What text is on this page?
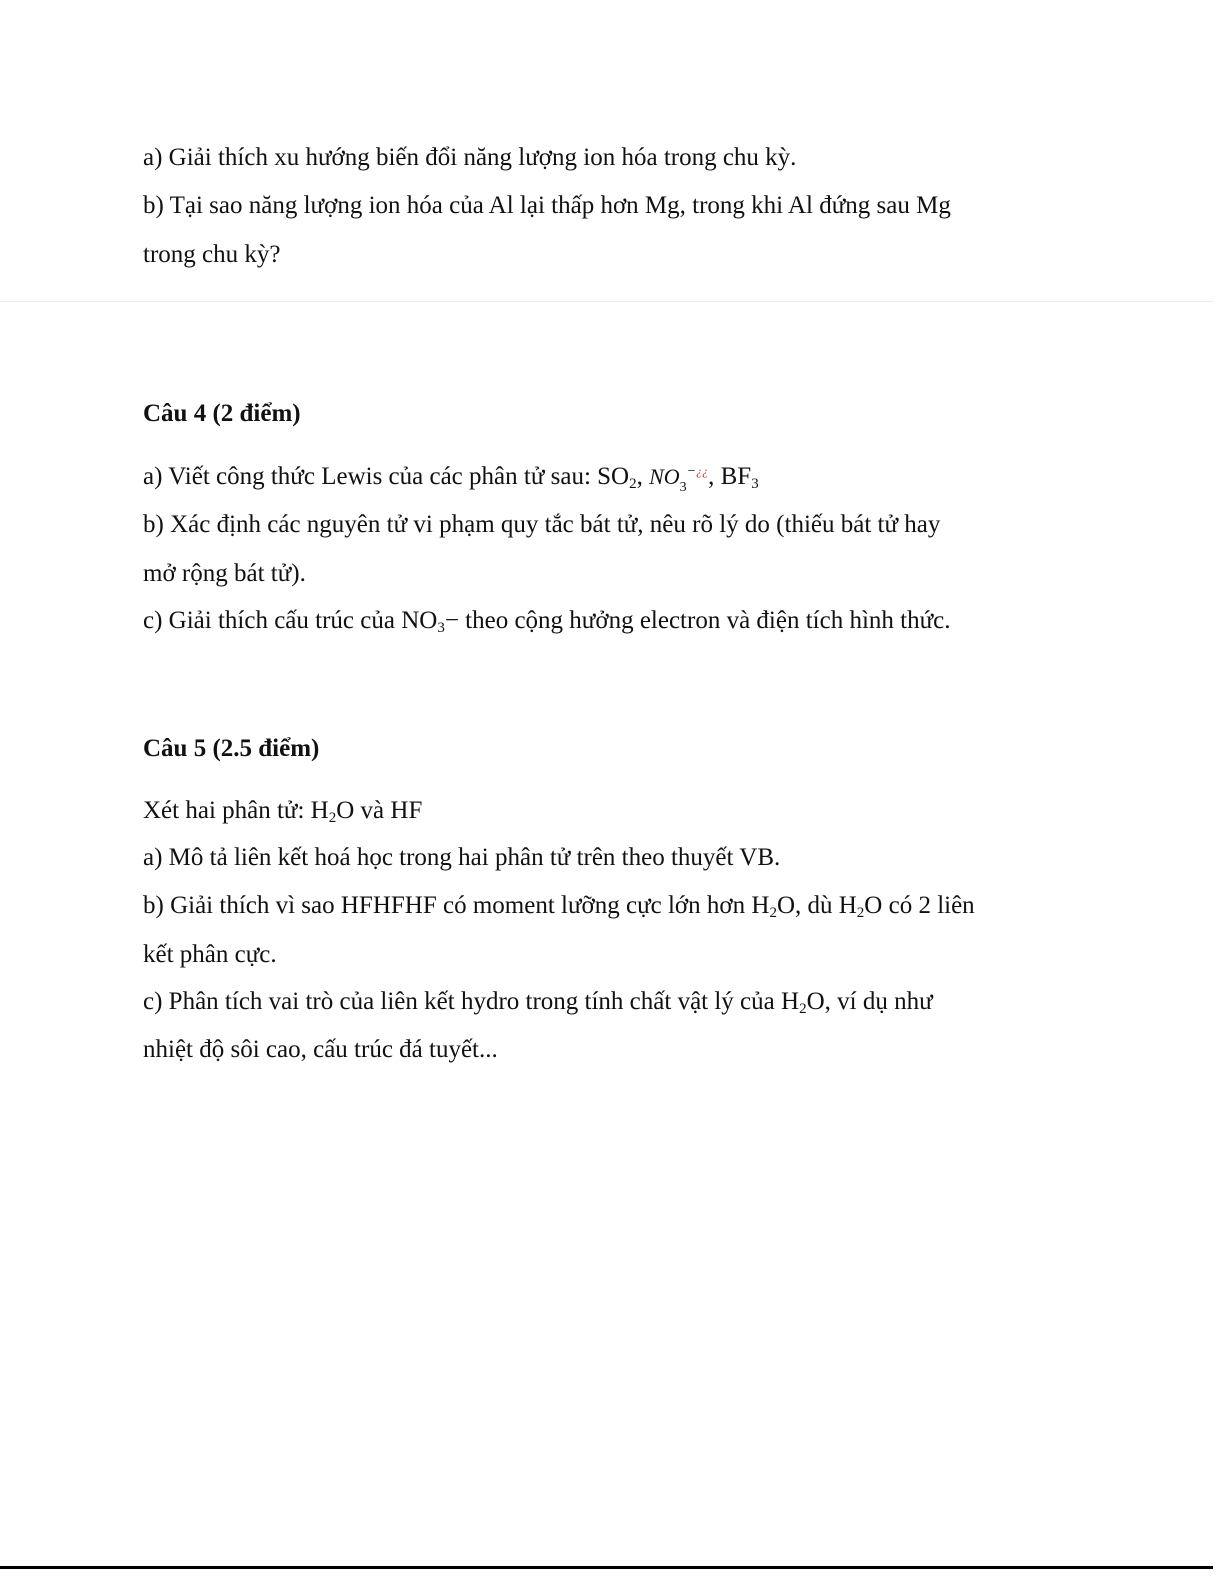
a) Giải thích xu hướng biến đổi năng lượng ion hóa trong chu kỳ.
b) Tại sao năng lượng ion hóa của Al lại thấp hơn Mg, trong khi Al đứng sau Mg
trong chu kỳ?
Câu 4 (2 điểm)
a) Viết công thức Lewis của các phân tử sau: $SO_2$, $NO_3^{-¿¿}$, $BF_3$
b) Xác định các nguyên tử vi phạm quy tắc bát tử, nêu rõ lý do (thiếu bát tử hay
mở rộng bát tử).
c) Giải thích cấu trúc của $NO_3-$ theo cộng hưởng electron và điện tích hình thức.
Câu 5 (2.5 điểm)
Xét hai phân tử: $H_2O$ và HF
a) Mô tả liên kết hoá học trong hai phân tử trên theo thuyết VB.
b) Giải thích vì sao HFHFHF có moment lưỡng cực lớn hơn $H_2O$, dù $H_2O$ có 2 liên
kết phân cực.
c) Phân tích vai trò của liên kết hydro trong tính chất vật lý của $H_2O$, ví dụ như
nhiệt độ sôi cao, cấu trúc đá tuyết...
